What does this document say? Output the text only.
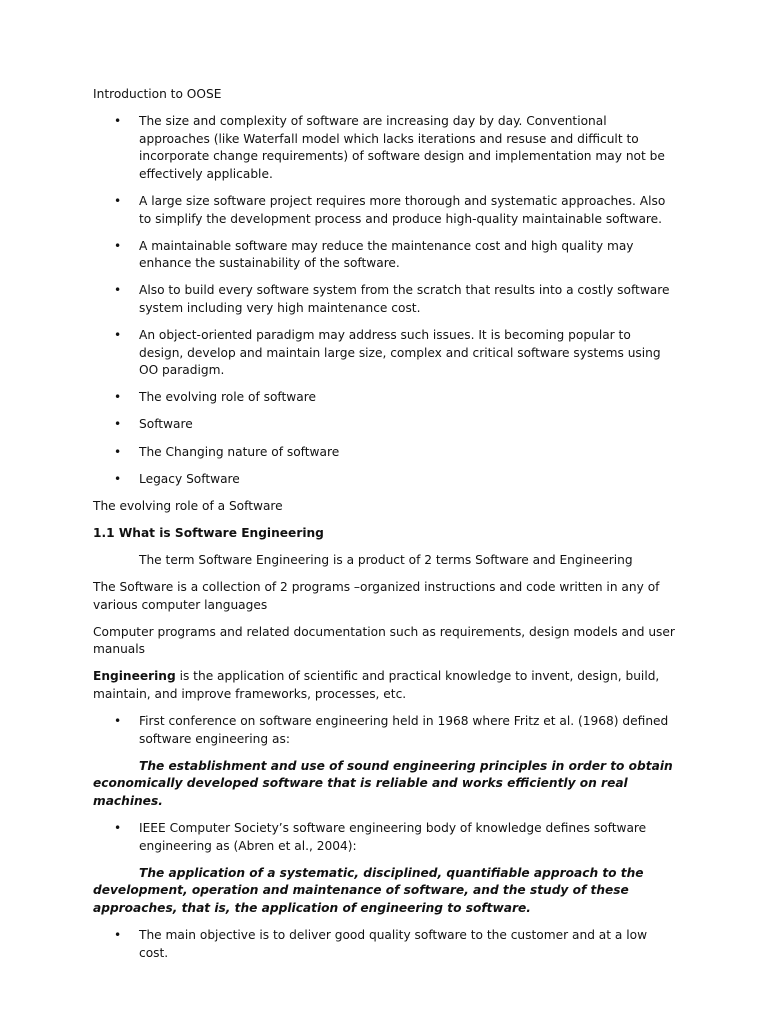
Introduction to OOSE

• The size and complexity of software are increasing day by day. Conventional approaches (like Waterfall model which lacks iterations and resuse and difficult to incorporate change requirements) of software design and implementation may not be effectively applicable.
• A large size software project requires more thorough and systematic approaches. Also to simplify the development process and produce high-quality maintainable software.
• A maintainable software may reduce the maintenance cost and high quality may enhance the sustainability of the software.
• Also to build every software system from the scratch that results into a costly software system including very high maintenance cost.
• An object-oriented paradigm may address such issues. It is becoming popular to design, develop and maintain large size, complex and critical software systems using OO paradigm.
• The evolving role of software
• Software
• The Changing nature of software
• Legacy Software

The evolving role of a Software

1.1 What is Software Engineering

The term Software Engineering is a product of 2 terms Software and Engineering

The Software is a collection of 2 programs –organized instructions and code written in any of various computer languages

Computer programs and related documentation such as requirements, design models and user manuals

Engineering is the application of scientific and practical knowledge to invent, design, build, maintain, and improve frameworks, processes, etc.

• First conference on software engineering held in 1968 where Fritz et al. (1968) defined software engineering as:

The establishment and use of sound engineering principles in order to obtain economically developed software that is reliable and works efficiently on real machines.

• IEEE Computer Society’s software engineering body of knowledge defines software engineering as (Abren et al., 2004):

The application of a systematic, disciplined, quantifiable approach to the development, operation and maintenance of software, and the study of these approaches, that is, the application of engineering to software.

• The main objective is to deliver good quality software to the customer and at a low cost.
